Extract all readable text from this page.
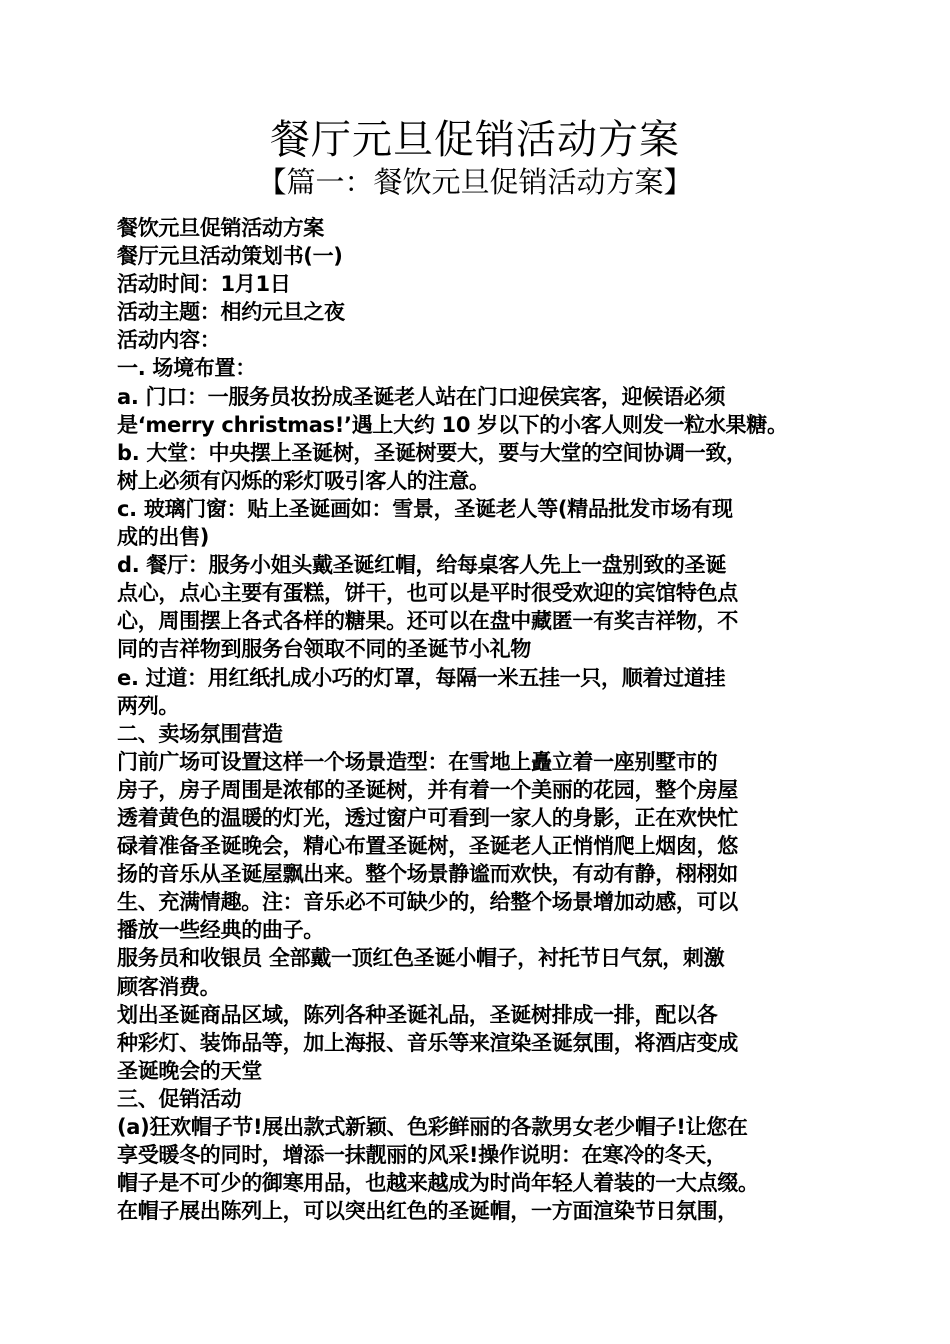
餐厅元旦促销活动方案
【篇一：餐饮元旦促销活动方案】
餐饮元旦促销活动方案
餐厅元旦活动策划书(一)
活动时间：1月1日
活动主题：相约元旦之夜
活动内容：
一. 场境布置：
a. 门口：一服务员妆扮成圣诞老人站在门口迎侯宾客，迎候语必须
是‘merry christmas!’遇上大约 10 岁以下的小客人则发一粒水果糖。
b. 大堂：中央摆上圣诞树，圣诞树要大，要与大堂的空间协调一致，
树上必须有闪烁的彩灯吸引客人的注意。
c. 玻璃门窗：贴上圣诞画如：雪景，圣诞老人等(精品批发市场有现
成的出售)
d. 餐厅：服务小姐头戴圣诞红帽，给每桌客人先上一盘别致的圣诞
点心，点心主要有蛋糕，饼干，也可以是平时很受欢迎的宾馆特色点
心，周围摆上各式各样的糖果。还可以在盘中藏匿一有奖吉祥物，不
同的吉祥物到服务台领取不同的圣诞节小礼物
e. 过道：用红纸扎成小巧的灯罩，每隔一米五挂一只，顺着过道挂
两列。
二、卖场氛围营造
门前广场可设置这样一个场景造型：在雪地上矗立着一座别墅市的
房子，房子周围是浓郁的圣诞树，并有着一个美丽的花园，整个房屋
透着黄色的温暖的灯光，透过窗户可看到一家人的身影，正在欢快忙
碌着准备圣诞晚会，精心布置圣诞树，圣诞老人正悄悄爬上烟囱，悠
扬的音乐从圣诞屋飘出来。整个场景静谧而欢快，有动有静，栩栩如
生、充满情趣。注：音乐必不可缺少的，给整个场景增加动感，可以
播放一些经典的曲子。
服务员和收银员 全部戴一顶红色圣诞小帽子，衬托节日气氛，刺激
顾客消费。
划出圣诞商品区域，陈列各种圣诞礼品，圣诞树排成一排，配以各
种彩灯、装饰品等，加上海报、音乐等来渲染圣诞氛围，将酒店变成
圣诞晚会的天堂
三、促销活动
(a)狂欢帽子节!展出款式新颖、色彩鲜丽的各款男女老少帽子!让您在
享受暖冬的同时，增添一抹靓丽的风采!操作说明：在寒冷的冬天，
帽子是不可少的御寒用品，也越来越成为时尚年轻人着装的一大点缀。
在帽子展出陈列上，可以突出红色的圣诞帽，一方面渲染节日氛围，
